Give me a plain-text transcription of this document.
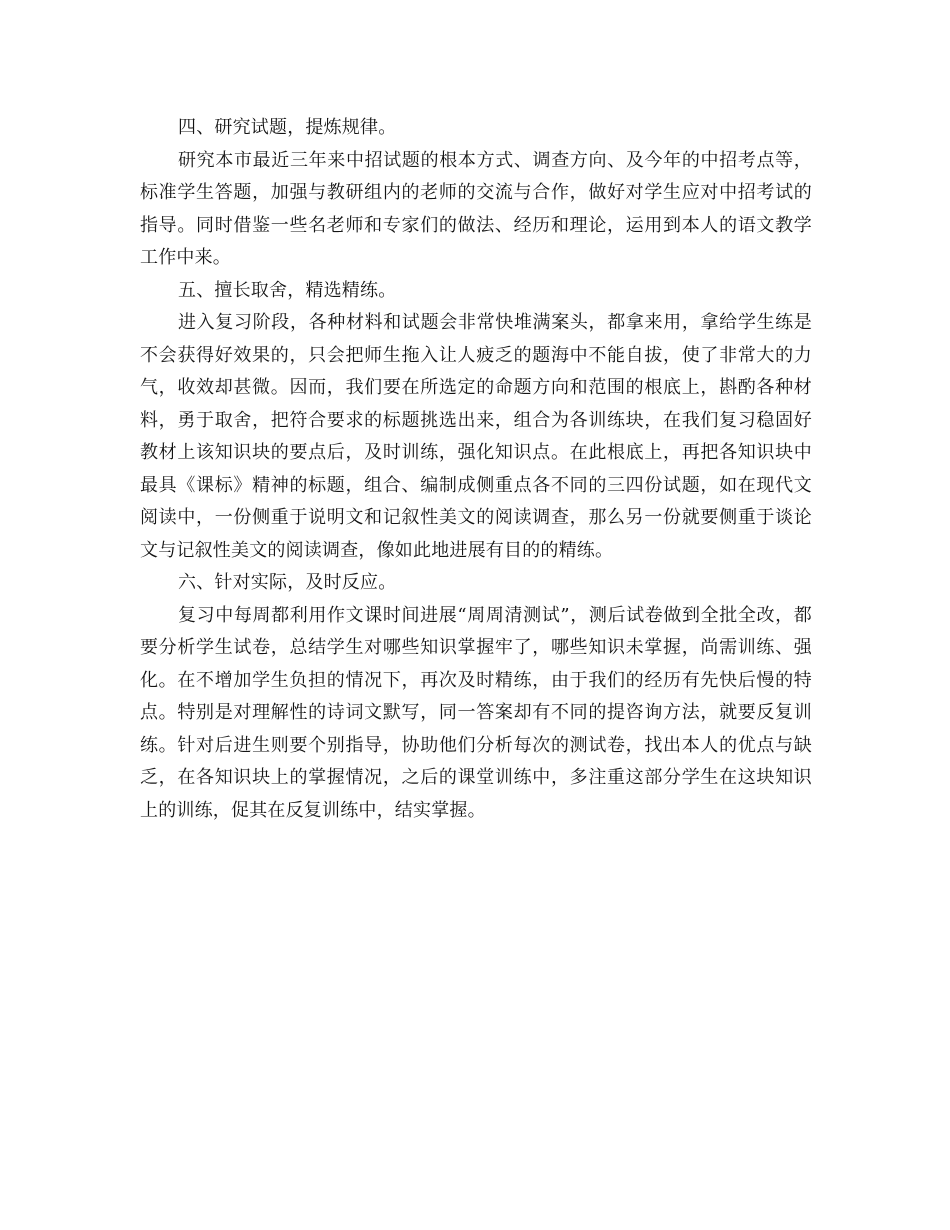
四、研究试题，提炼规律。

研究本市最近三年来中招试题的根本方式、调查方向、及今年的中招考点等，标准学生答题，加强与教研组内的老师的交流与合作，做好对学生应对中招考试的指导。同时借鉴一些名老师和专家们的做法、经历和理论，运用到本人的语文教学工作中来。

五、擅长取舍，精选精练。

进入复习阶段，各种材料和试题会非常快堆满案头，都拿来用，拿给学生练是不会获得好效果的，只会把师生拖入让人疲乏的题海中不能自拔，使了非常大的力气，收效却甚微。因而，我们要在所选定的命题方向和范围的根底上，斟酌各种材料，勇于取舍，把符合要求的标题挑选出来，组合为各训练块，在我们复习稳固好教材上该知识块的要点后，及时训练，强化知识点。在此根底上，再把各知识块中最具《课标》精神的标题，组合、编制成侧重点各不同的三四份试题，如在现代文阅读中，一份侧重于说明文和记叙性美文的阅读调查，那么另一份就要侧重于谈论文与记叙性美文的阅读调查，像如此地进展有目的的精练。

六、针对实际，及时反应。

复习中每周都利用作文课时间进展“周周清测试”，测后试卷做到全批全改，都要分析学生试卷，总结学生对哪些知识掌握牢了，哪些知识未掌握，尚需训练、强化。在不增加学生负担的情况下，再次及时精练，由于我们的经历有先快后慢的特点。特别是对理解性的诗词文默写，同一答案却有不同的提咨询方法，就要反复训练。针对后进生则要个别指导，协助他们分析每次的测试卷，找出本人的优点与缺乏，在各知识块上的掌握情况，之后的课堂训练中，多注重这部分学生在这块知识上的训练，促其在反复训练中，结实掌握。
